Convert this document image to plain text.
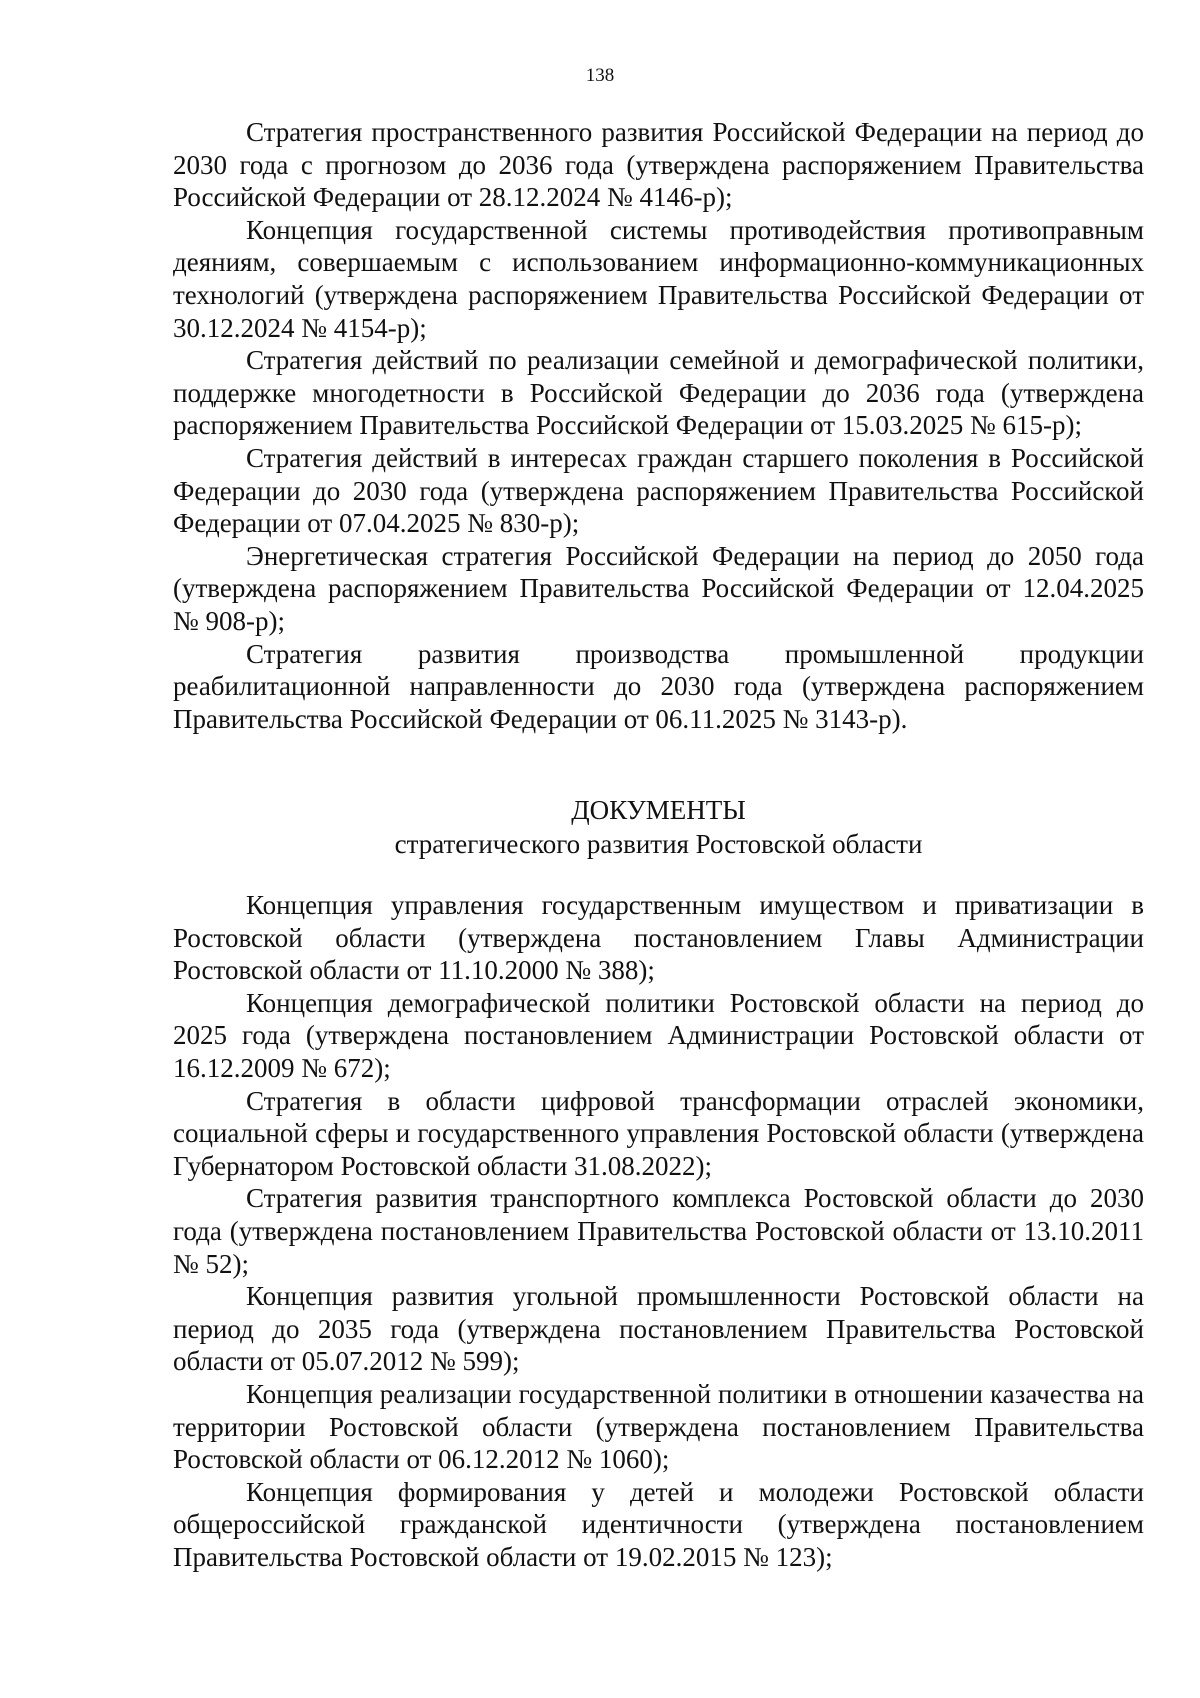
138

Стратегия пространственного развития Российской Федерации на период до 2030 года с прогнозом до 2036 года (утверждена распоряжением Правительства Российской Федерации от 28.12.2024 № 4146-р);

Концепция государственной системы противодействия противоправным деяниям, совершаемым с использованием информационно-коммуникационных технологий (утверждена распоряжением Правительства Российской Федерации от 30.12.2024 № 4154-р);

Стратегия действий по реализации семейной и демографической политики, поддержке многодетности в Российской Федерации до 2036 года (утверждена распоряжением Правительства Российской Федерации от 15.03.2025 № 615-р);

Стратегия действий в интересах граждан старшего поколения в Российской Федерации до 2030 года (утверждена распоряжением Правительства Российской Федерации от 07.04.2025 № 830-р);

Энергетическая стратегия Российской Федерации на период до 2050 года (утверждена распоряжением Правительства Российской Федерации от 12.04.2025 № 908-р);

Стратегия развития производства промышленной продукции реабилитационной направленности до 2030 года (утверждена распоряжением Правительства Российской Федерации от 06.11.2025 № 3143-р).

ДОКУМЕНТЫ
стратегического развития Ростовской области

Концепция управления государственным имуществом и приватизации в Ростовской области (утверждена постановлением Главы Администрации Ростовской области от 11.10.2000 № 388);

Концепция демографической политики Ростовской области на период до 2025 года (утверждена постановлением Администрации Ростовской области от 16.12.2009 № 672);

Стратегия в области цифровой трансформации отраслей экономики, социальной сферы и государственного управления Ростовской области (утверждена Губернатором Ростовской области 31.08.2022);

Стратегия развития транспортного комплекса Ростовской области до 2030 года (утверждена постановлением Правительства Ростовской области от 13.10.2011 № 52);

Концепция развития угольной промышленности Ростовской области на период до 2035 года (утверждена постановлением Правительства Ростовской области от 05.07.2012 № 599);

Концепция реализации государственной политики в отношении казачества на территории Ростовской области (утверждена постановлением Правительства Ростовской области от 06.12.2012 № 1060);

Концепция формирования у детей и молодежи Ростовской области общероссийской гражданской идентичности (утверждена постановлением Правительства Ростовской области от 19.02.2015 № 123);
